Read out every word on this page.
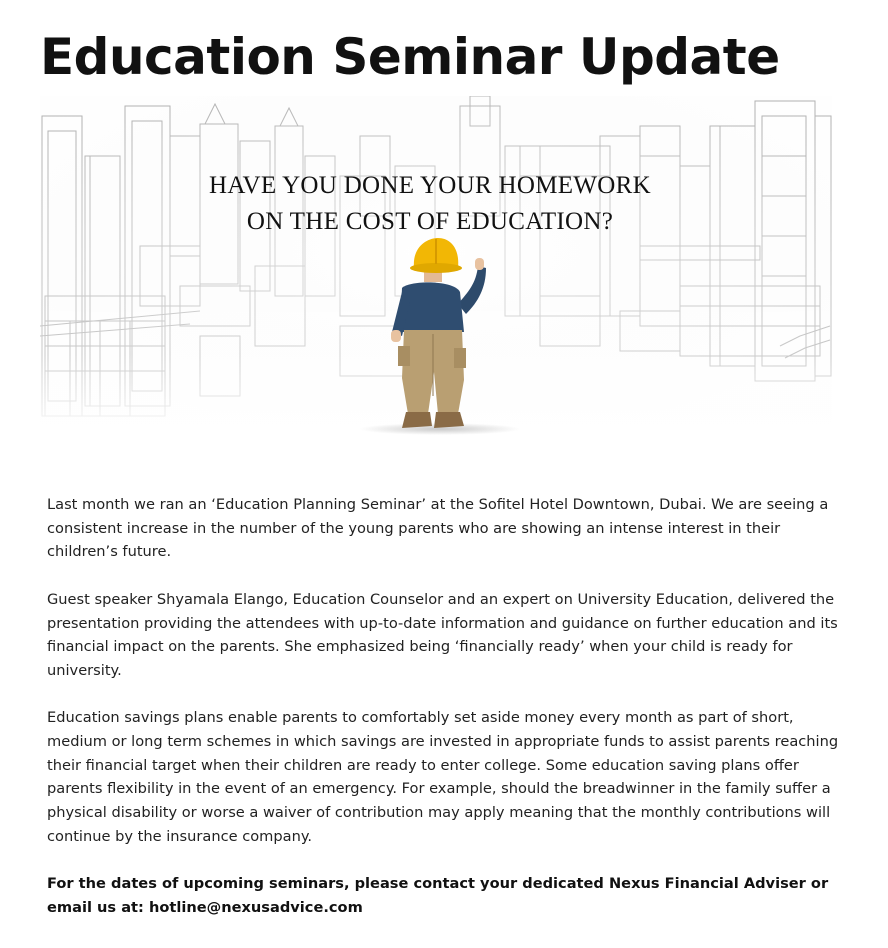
Education Seminar Update
HAVE YOU DONE YOUR HOMEWORK
ON THE COST OF EDUCATION?

Last month we ran an ‘Education Planning Seminar’ at the Sofitel Hotel Downtown, Dubai. We are seeing a consistent increase in the number of the young parents who are showing an intense interest in their children’s future.

Guest speaker Shyamala Elango, Education Counselor and an expert on University Education, delivered the presentation providing the attendees with up-to-date information and guidance on further education and its financial impact on the parents. She emphasized being ‘financially ready’ when your child is ready for university.

Education savings plans enable parents to comfortably set aside money every month as part of short, medium or long term schemes in which savings are invested in appropriate funds to assist parents reaching their financial target when their children are ready to enter college. Some education saving plans offer parents flexibility in the event of an emergency. For example, should the breadwinner in the family suffer a physical disability or worse a waiver of contribution may apply meaning that the monthly contributions will continue by the insurance company.

For the dates of upcoming seminars, please contact your dedicated Nexus Financial Adviser or email us at: hotline@nexusadvice.com
